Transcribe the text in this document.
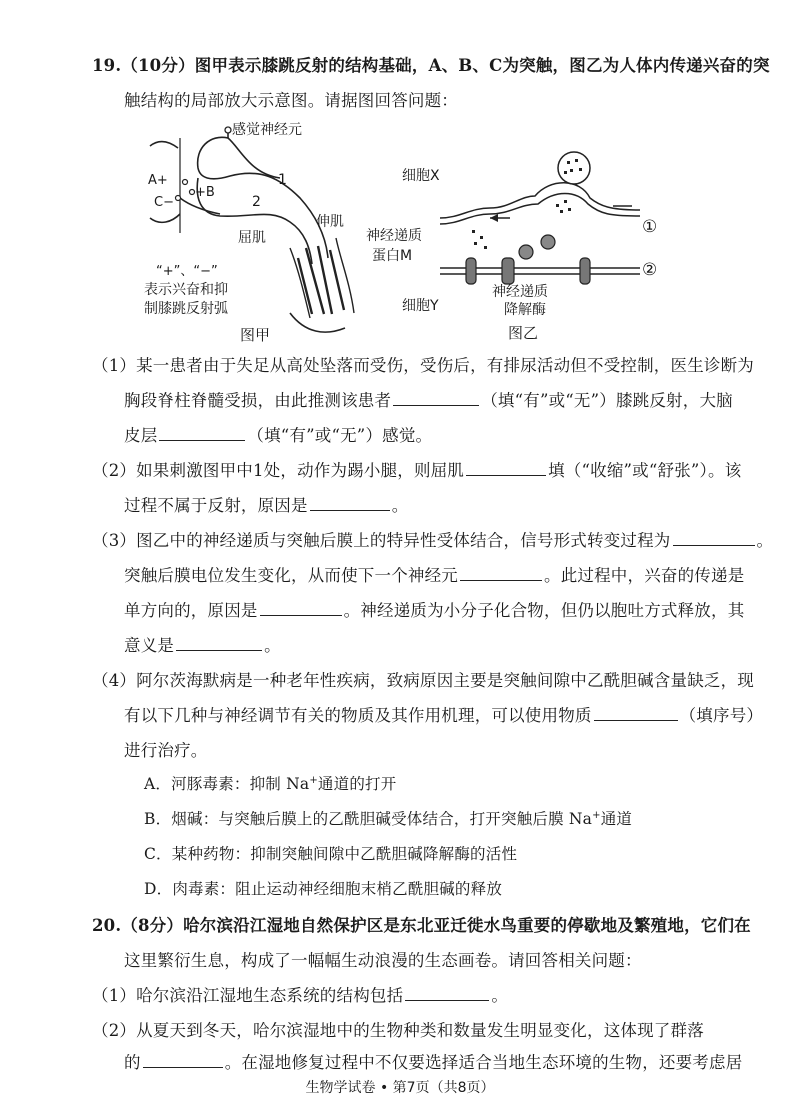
19.（10分）图甲表示膝跳反射的结构基础，A、B、C为突触，图乙为人体内传递兴奋的突
触结构的局部放大示意图。请据图回答问题：
感觉神经元
A+
+B
C−
1
2
伸肌
屈肌
“+”、“−”
表示兴奋和抑
制膝跳反射弧
图甲
细胞X
神经递质
蛋白M
细胞Y
神经递质
降解酶
①
②
图乙
（1）某一患者由于失足从高处坠落而受伤，受伤后，有排尿活动但不受控制，医生诊断为
胸段脊柱脊髓受损，由此推测该患者	（填“有”或“无”）膝跳反射，大脑
皮层	（填“有”或“无”）感觉。
（2）如果刺激图甲中1处，动作为踢小腿，则屈肌	填（“收缩”或“舒张”）。该
过程不属于反射，原因是	。
（3）图乙中的神经递质与突触后膜上的特异性受体结合，信号形式转变过程为	。
突触后膜电位发生变化，从而使下一个神经元	。此过程中，兴奋的传递是
单方向的，原因是	。神经递质为小分子化合物，但仍以胞吐方式释放，其
意义是	。
（4）阿尔茨海默病是一种老年性疾病，致病原因主要是突触间隙中乙酰胆碱含量缺乏，现
有以下几种与神经调节有关的物质及其作用机理，可以使用物质	（填序号）
进行治疗。
A．河豚毒素：抑制 Na+通道的打开
B．烟碱：与突触后膜上的乙酰胆碱受体结合，打开突触后膜 Na+通道
C．某种药物：抑制突触间隙中乙酰胆碱降解酶的活性
D．肉毒素：阻止运动神经细胞末梢乙酰胆碱的释放
20.（8分）哈尔滨沿江湿地自然保护区是东北亚迁徙水鸟重要的停歇地及繁殖地，它们在
这里繁衍生息，构成了一幅幅生动浪漫的生态画卷。请回答相关问题：
（1）哈尔滨沿江湿地生态系统的结构包括	。
（2）从夏天到冬天，哈尔滨湿地中的生物种类和数量发生明显变化，这体现了群落
的	。在湿地修复过程中不仅要选择适合当地生态环境的生物，还要考虑居
生物学试卷 • 第7页（共8页）
